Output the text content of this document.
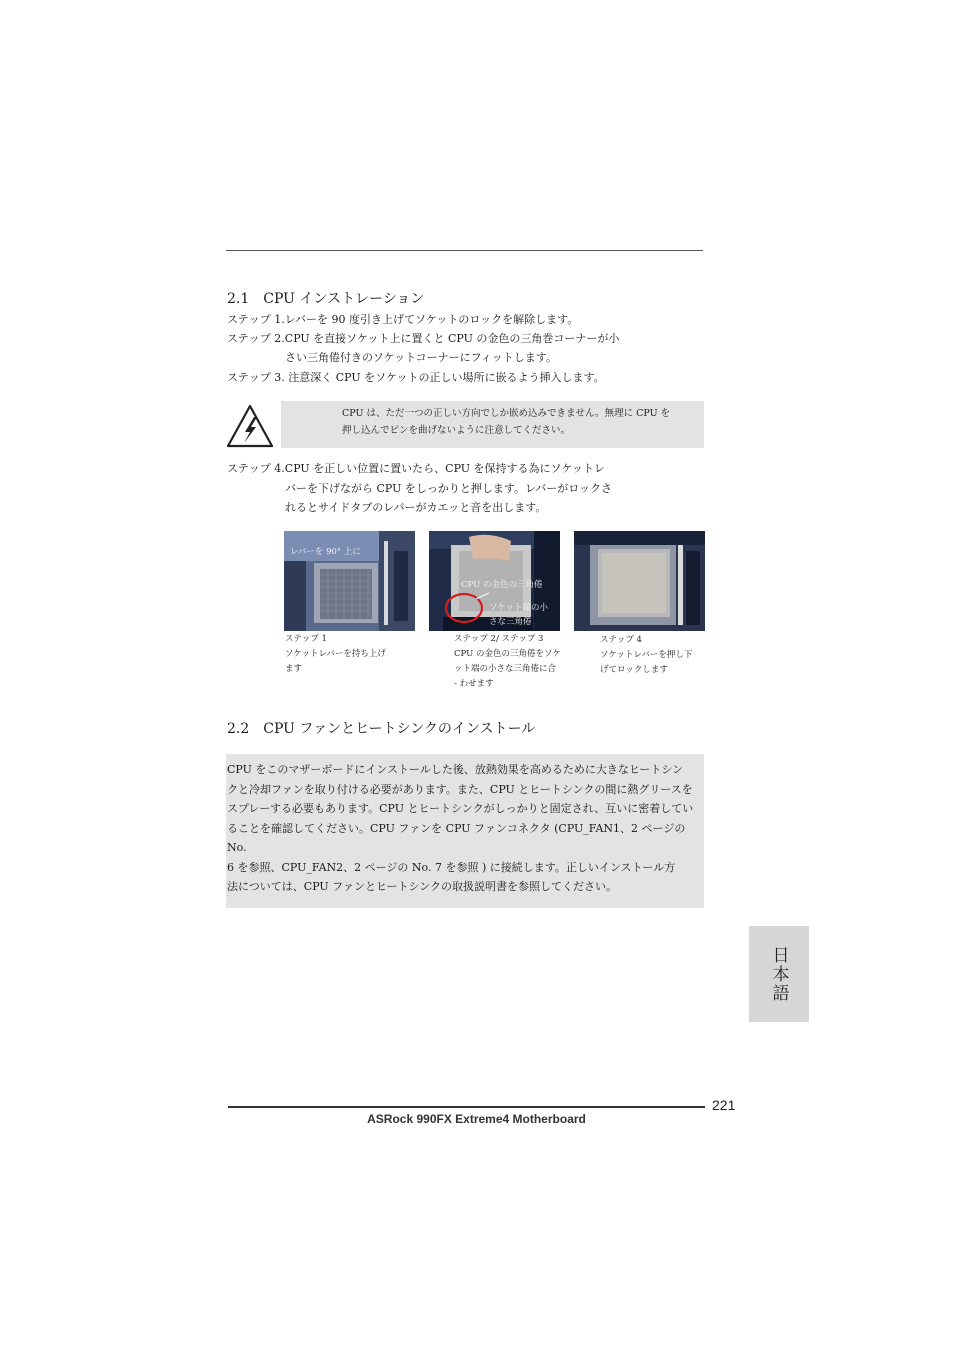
2.1　CPU インストレーション
ステップ 1.レバーを 90 度引き上げてソケットのロックを解除します。
ステップ 2.CPU を直接ソケット上に置くと CPU の金色の三角巻コーナーが小
さい三角倦付きのソケットコーナーにフィットします。
ステップ 3. 注意深く CPU をソケットの正しい場所に嵌るよう挿入します。
CPU は、ただ一つの正しい方向でしか嵌め込みできません。無理に CPU を
押し込んでピンを曲げないように注意してください。
ステップ 4.CPU を正しい位置に置いたら、CPU を保持する為にソケットレ
バーを下げながら CPU をしっかりと押します。レバーがロックさ
れるとサイドタブのレバーがカエッと音を出します。
レバーを 90° 上に
ステップ 1
ソケットレバーを持ち上げ
ます
CPU の金色の三角倦
ソケット端の小
さな三角倦
ステップ 2/ ステップ 3
CPU の金色の三角倦をソケ
ット端の小さな三角倦に合
- わせます
ステップ 4
ソケットレバーを押し下
げてロックします
2.2　CPU ファンとヒートシンクのインストール
CPU をこのマザーボードにインストールした後、放熱効果を高めるために大きなヒートシン
クと冷却ファンを取り付ける必要があります。また、CPU とヒートシンクの間に熱グリースを
スプレーする必要もあります。CPU とヒートシンクがしっかりと固定され、互いに密着してい
ることを確認してください。CPU ファンを CPU ファンコネクタ (CPU_FAN1、2 ページの No.
6 を参照、CPU_FAN2、2 ページの No. 7 を参照 ) に接続します。正しいインストール方
法については、CPU ファンとヒートシンクの取扱説明書を参照してください。
日本語
221
ASRock 990FX Extreme4 Motherboard
